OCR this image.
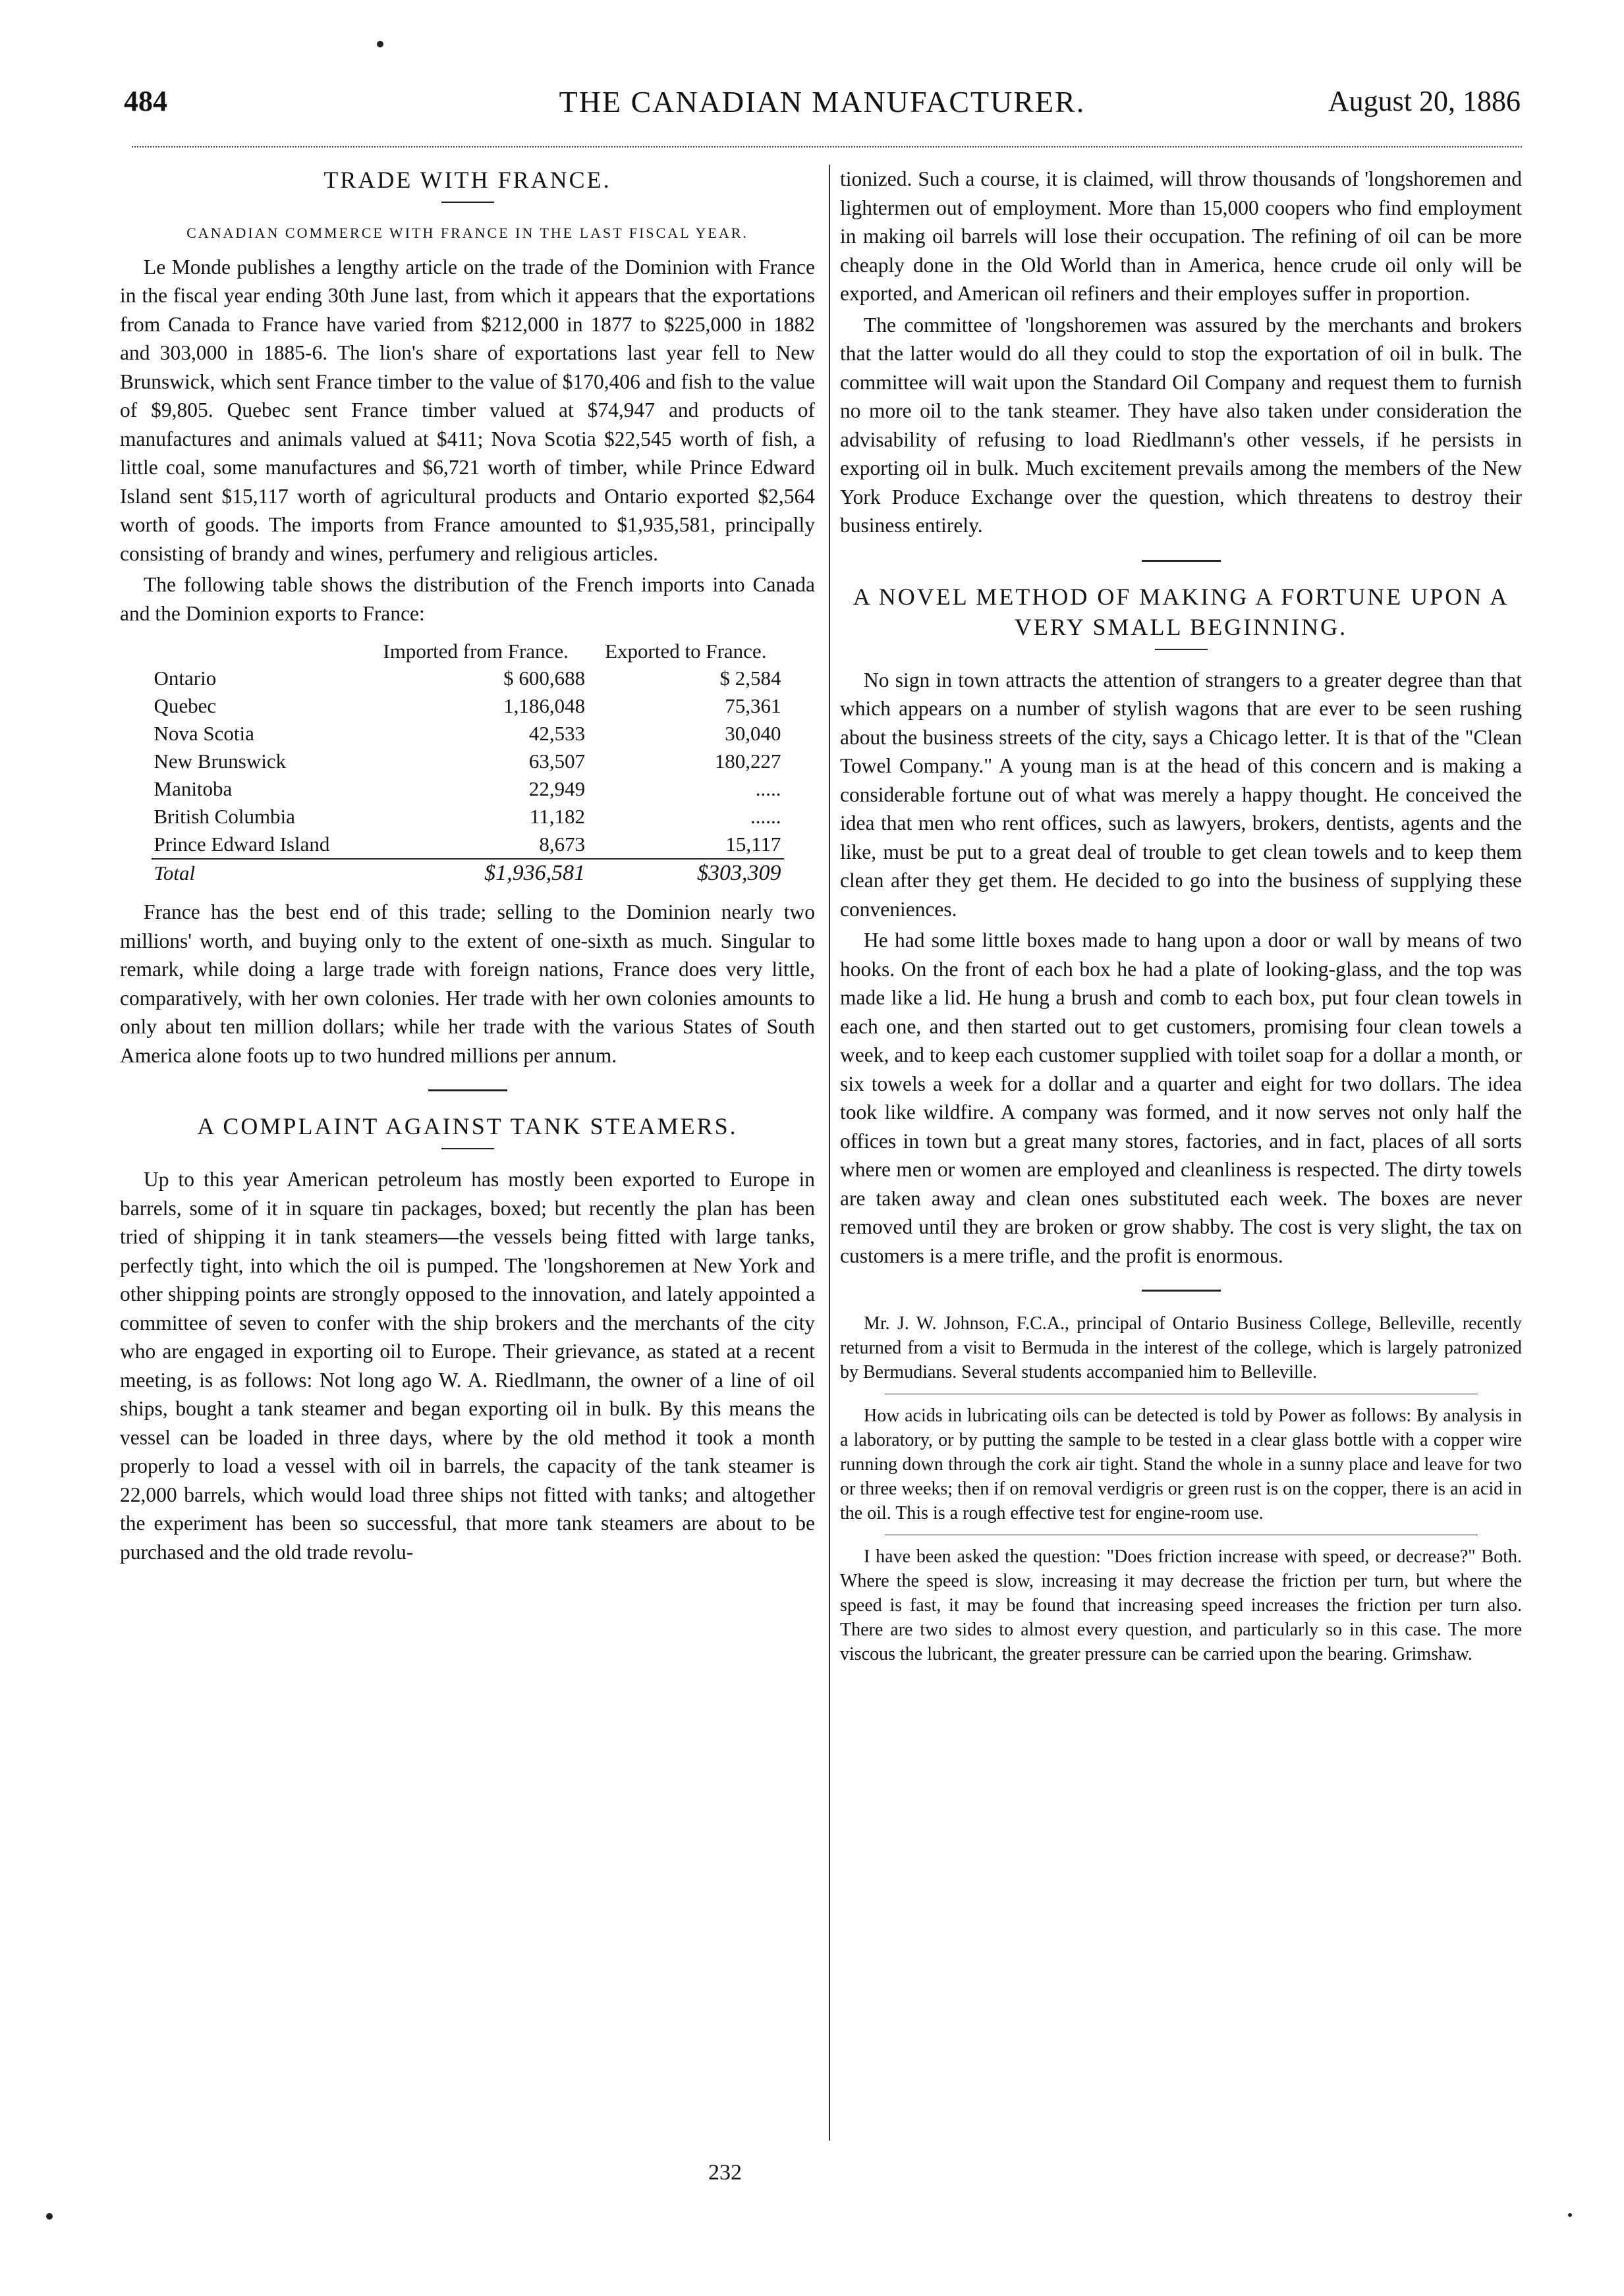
484	THE CANADIAN MANUFACTURER.	August 20, 1886
TRADE WITH FRANCE.
CANADIAN COMMERCE WITH FRANCE IN THE LAST FISCAL YEAR.

Le Monde publishes a lengthy article on the trade of the Dominion with France in the fiscal year ending 30th June last, from which it appears that the exportations from Canada to France have varied from $212,000 in 1877 to $225,000 in 1882 and 303,000 in 1885-6. The lion's share of exportations last year fell to New Brunswick, which sent France timber to the value of $170,406 and fish to the value of $9,805. Quebec sent France timber valued at $74,947 and products of manufactures and animals valued at $411; Nova Scotia $22,545 worth of fish, a little coal, some manufactures and $6,721 worth of timber, while Prince Edward Island sent $15,117 worth of agricultural products and Ontario exported $2,564 worth of goods. The imports from France amounted to $1,935,581, principally consisting of brandy and wines, perfumery and religious articles.

The following table shows the distribution of the French imports into Canada and the Dominion exports to France:

	Imported from France.	Exported to France.
Ontario	$ 600,688	$ 2,584
Quebec	1,186,048	75,361
Nova Scotia	42,533	30,040
New Brunswick	63,507	180,227
Manitoba	22,949	.....
British Columbia	11,182	......
Prince Edward Island	8,673	15,117
Total	$1,936,581	$303,309

France has the best end of this trade; selling to the Dominion nearly two millions' worth, and buying only to the extent of one-sixth as much. Singular to remark, while doing a large trade with foreign nations, France does very little, comparatively, with her own colonies. Her trade with her own colonies amounts to only about ten million dollars; while her trade with the various States of South America alone foots up to two hundred millions per annum.

A COMPLAINT AGAINST TANK STEAMERS.

Up to this year American petroleum has mostly been exported to Europe in barrels, some of it in square tin packages, boxed; but recently the plan has been tried of shipping it in tank steamers—the vessels being fitted with large tanks, perfectly tight, into which the oil is pumped. The 'longshoremen at New York and other shipping points are strongly opposed to the innovation, and lately appointed a committee of seven to confer with the ship brokers and the merchants of the city who are engaged in exporting oil to Europe. Their grievance, as stated at a recent meeting, is as follows: Not long ago W. A. Riedlmann, the owner of a line of oil ships, bought a tank steamer and began exporting oil in bulk. By this means the vessel can be loaded in three days, where by the old method it took a month properly to load a vessel with oil in barrels, the capacity of the tank steamer is 22,000 barrels, which would load three ships not fitted with tanks; and altogether the experiment has been so successful, that more tank steamers are about to be purchased and the old trade revolu-

tionized. Such a course, it is claimed, will throw thousands of 'longshoremen and lightermen out of employment. More than 15,000 coopers who find employment in making oil barrels will lose their occupation. The refining of oil can be more cheaply done in the Old World than in America, hence crude oil only will be exported, and American oil refiners and their employes suffer in proportion.

The committee of 'longshoremen was assured by the merchants and brokers that the latter would do all they could to stop the exportation of oil in bulk. The committee will wait upon the Standard Oil Company and request them to furnish no more oil to the tank steamer. They have also taken under consideration the advisability of refusing to load Riedlmann's other vessels, if he persists in exporting oil in bulk. Much excitement prevails among the members of the New York Produce Exchange over the question, which threatens to destroy their business entirely.

A NOVEL METHOD OF MAKING A FORTUNE UPON A VERY SMALL BEGINNING.

No sign in town attracts the attention of strangers to a greater degree than that which appears on a number of stylish wagons that are ever to be seen rushing about the business streets of the city, says a Chicago letter. It is that of the "Clean Towel Company." A young man is at the head of this concern and is making a considerable fortune out of what was merely a happy thought. He conceived the idea that men who rent offices, such as lawyers, brokers, dentists, agents and the like, must be put to a great deal of trouble to get clean towels and to keep them clean after they get them. He decided to go into the business of supplying these conveniences.

He had some little boxes made to hang upon a door or wall by means of two hooks. On the front of each box he had a plate of looking-glass, and the top was made like a lid. He hung a brush and comb to each box, put four clean towels in each one, and then started out to get customers, promising four clean towels a week, and to keep each customer supplied with toilet soap for a dollar a month, or six towels a week for a dollar and a quarter and eight for two dollars. The idea took like wildfire. A company was formed, and it now serves not only half the offices in town but a great many stores, factories, and in fact, places of all sorts where men or women are employed and cleanliness is respected. The dirty towels are taken away and clean ones substituted each week. The boxes are never removed until they are broken or grow shabby. The cost is very slight, the tax on customers is a mere trifle, and the profit is enormous.

Mr. J. W. Johnson, F.C.A., principal of Ontario Business College, Belleville, recently returned from a visit to Bermuda in the interest of the college, which is largely patronized by Bermudians. Several students accompanied him to Belleville.

How acids in lubricating oils can be detected is told by Power as follows: By analysis in a laboratory, or by putting the sample to be tested in a clear glass bottle with a copper wire running down through the cork air tight. Stand the whole in a sunny place and leave for two or three weeks; then if on removal verdigris or green rust is on the copper, there is an acid in the oil. This is a rough effective test for engine-room use.

I have been asked the question: "Does friction increase with speed, or decrease?" Both. Where the speed is slow, increasing it may decrease the friction per turn, but where the speed is fast, it may be found that increasing speed increases the friction per turn also. There are two sides to almost every question, and particularly so in this case. The more viscous the lubricant, the greater pressure can be carried upon the bearing. Grimshaw.

232
